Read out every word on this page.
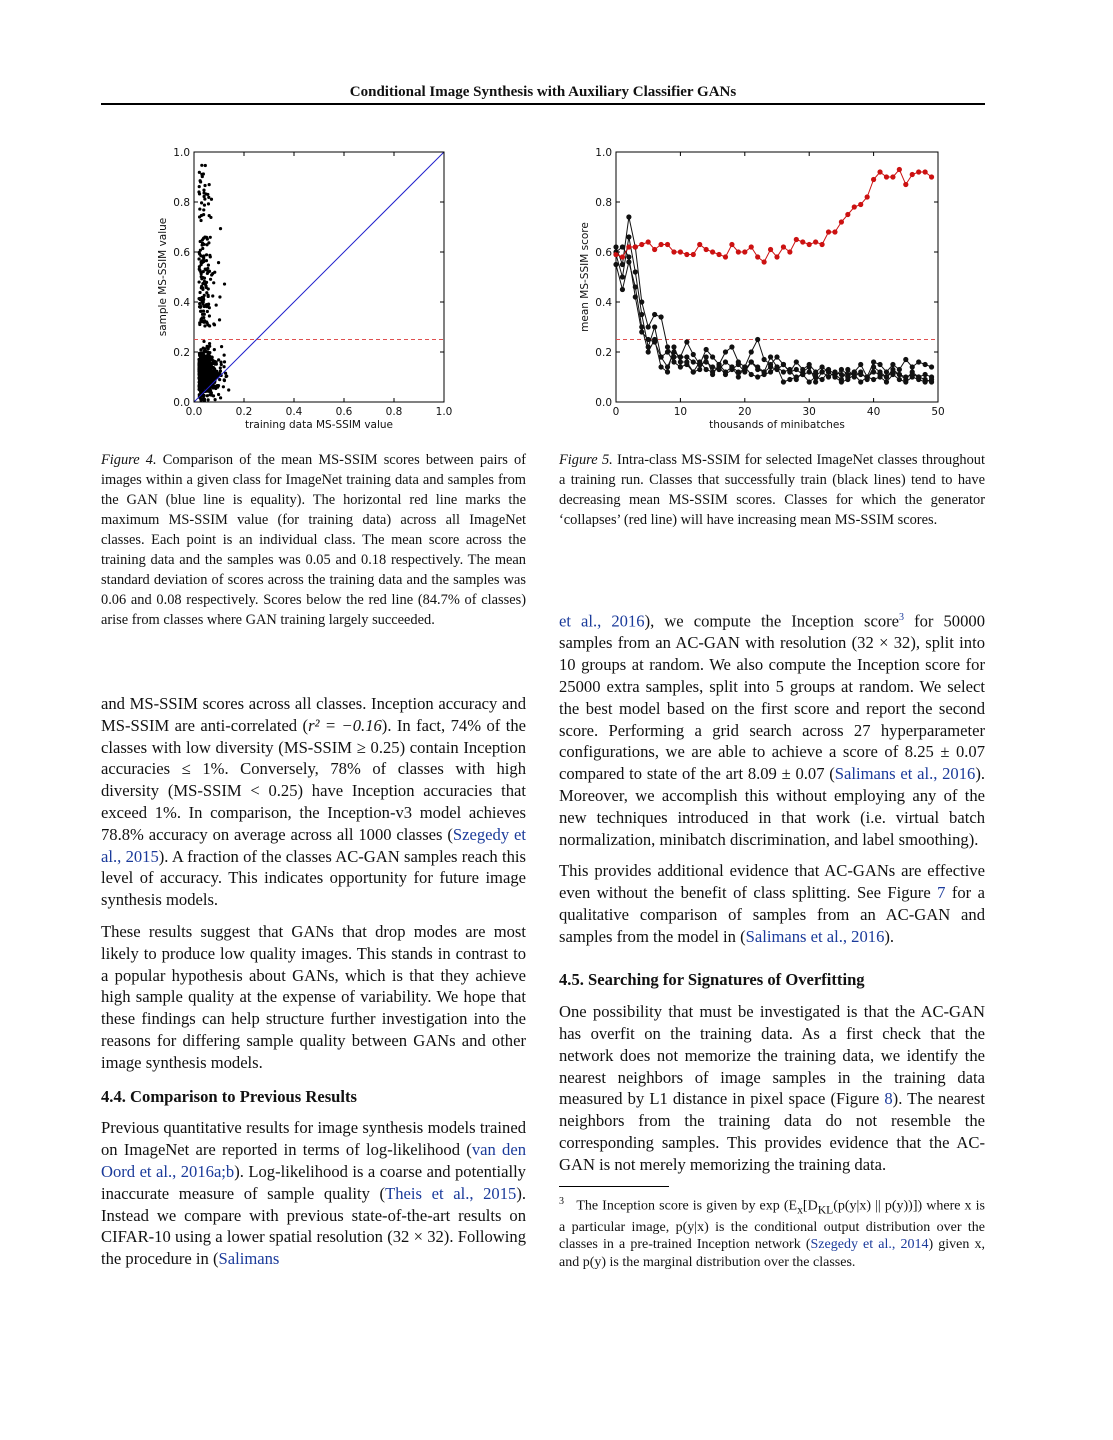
Conditional Image Synthesis with Auxiliary Classifier GANs
0.0	0.2	0.4	0.6	0.8	1.0
0.0
0.2
0.4
0.6
0.8
1.0
training data MS-SSIM value
sample MS-SSIM value
Figure 4. Comparison of the mean MS-SSIM scores between pairs of images within a given class for ImageNet training data and samples from the GAN (blue line is equality). The horizontal red line marks the maximum MS-SSIM value (for training data) across all ImageNet classes. Each point is an individual class. The mean score across the training data and the samples was 0.05 and 0.18 respectively. The mean standard deviation of scores across the training data and the samples was 0.06 and 0.08 respectively. Scores below the red line (84.7% of classes) arise from classes where GAN training largely succeeded.
0	10	20	30	40	50
0.0
0.2
0.4
0.6
0.8
1.0
thousands of minibatches
mean MS-SSIM score
Figure 5. Intra-class MS-SSIM for selected ImageNet classes throughout a training run. Classes that successfully train (black lines) tend to have decreasing mean MS-SSIM scores. Classes for which the generator ‘collapses’ (red line) will have increasing mean MS-SSIM scores.

and MS-SSIM scores across all classes. Inception accuracy and MS-SSIM are anti-correlated (r² = −0.16). In fact, 74% of the classes with low diversity (MS-SSIM ≥ 0.25) contain Inception accuracies ≤ 1%. Conversely, 78% of classes with high diversity (MS-SSIM < 0.25) have Inception accuracies that exceed 1%. In comparison, the Inception-v3 model achieves 78.8% accuracy on average across all 1000 classes (Szegedy et al., 2015). A fraction of the classes AC-GAN samples reach this level of accuracy. This indicates opportunity for future image synthesis models.

These results suggest that GANs that drop modes are most likely to produce low quality images. This stands in contrast to a popular hypothesis about GANs, which is that they achieve high sample quality at the expense of variability. We hope that these findings can help structure further investigation into the reasons for differing sample quality between GANs and other image synthesis models.

4.4. Comparison to Previous Results

Previous quantitative results for image synthesis models trained on ImageNet are reported in terms of log-likelihood (van den Oord et al., 2016a;b). Log-likelihood is a coarse and potentially inaccurate measure of sample quality (Theis et al., 2015). Instead we compare with previous state-of-the-art results on CIFAR-10 using a lower spatial resolution (32 × 32). Following the procedure in (Salimans

et al., 2016), we compute the Inception score$^3$ for 50000 samples from an AC-GAN with resolution (32 × 32), split into 10 groups at random. We also compute the Inception score for 25000 extra samples, split into 5 groups at random. We select the best model based on the first score and report the second score. Performing a grid search across 27 hyperparameter configurations, we are able to achieve a score of 8.25 ± 0.07 compared to state of the art 8.09 ± 0.07 (Salimans et al., 2016). Moreover, we accomplish this without employing any of the new techniques introduced in that work (i.e. virtual batch normalization, minibatch discrimination, and label smoothing).

This provides additional evidence that AC-GANs are effective even without the benefit of class splitting. See Figure 7 for a qualitative comparison of samples from an AC-GAN and samples from the model in (Salimans et al., 2016).

4.5. Searching for Signatures of Overfitting

One possibility that must be investigated is that the AC-GAN has overfit on the training data. As a first check that the network does not memorize the training data, we identify the nearest neighbors of image samples in the training data measured by L1 distance in pixel space (Figure 8). The nearest neighbors from the training data do not resemble the corresponding samples. This provides evidence that the AC-GAN is not merely memorizing the training data.

$^3$ The Inception score is given by $\exp (E_x[D_{KL}(p(y|x)$ || p(y))]) where x is a particular image, p(y|x) is the conditional output distribution over the classes in a pre-trained Inception network (Szegedy et al., 2014) given x, and p(y) is the marginal distribution over the classes.
